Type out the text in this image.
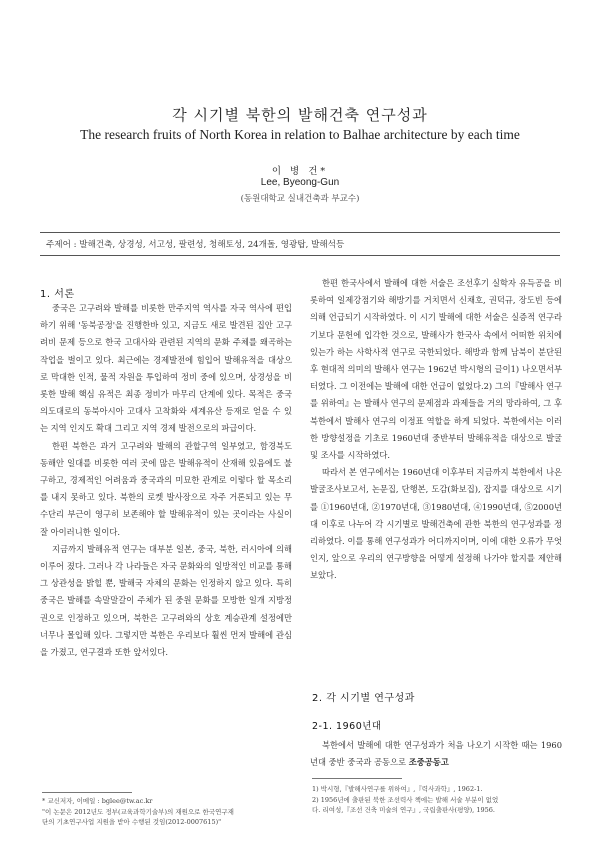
각 시기별 북한의 발해건축 연구성과
The research fruits of North Korea in relation to Balhae architecture by each time
이 병 건*
Lee, Byeong-Gun
(동원대학교 실내건축과 부교수)
주제어 : 발해건축, 상경성, 서고성, 팔련성, 청해토성, 24개돌, 영광탑, 발해석등
1. 서론

중국은 고구려와 발해를 비롯한 만주지역 역사를 자국 역사에 편입하기 위해 '동북공정'을 진행한바 있고, 지금도 새로 발견된 집안 고구려비 문제 등으로 한국 고대사와 관련된 지역의 문화 주체를 왜곡하는 작업을 벌이고 있다. 최근에는 경제발전에 힘입어 발해유적을 대상으로 막대한 인적, 물적 자원을 투입하여 정비 중에 있으며, 상경성을 비롯한 발해 핵심 유적은 최종 정비가 마무리 단계에 있다. 목적은 중국 의도대로의 동북아시아 고대사 고착화와 세계유산 등재로 얻을 수 있는 지역 인지도 확대 그리고 지역 경제 발전으로의 파급이다.

한편 북한은 과거 고구려와 발해의 관할구역 일부였고, 함경북도 동해안 일대를 비롯한 여러 곳에 많은 발해유적이 산재해 있음에도 불구하고, 경제적인 어려움과 중국과의 미묘한 관계로 이렇다 할 목소리를 내지 못하고 있다. 북한의 로켓 발사장으로 자주 거론되고 있는 무수단리 부근이 영구히 보존해야 할 발해유적이 있는 곳이라는 사실이 잘 아이러니한 일이다.

지금까지 발해유적 연구는 대부분 일본, 중국, 북한, 러시아에 의해 이루어 졌다. 그러나 각 나라들은 자국 문화와의 일방적인 비교를 통해 그 상관성을 밝힐 뿐, 발해국 자체의 문화는 인정하지 않고 있다. 특히 중국은 발해를 속말말갈이 주체가 된 중원 문화를 모방한 일개 지방정권으로 인정하고 있으며, 북한은 고구려와의 상호 계승관계 설정에만 너무나 몰입해 있다. 그렇지만 북한은 우리보다 훨씬 먼저 발해에 관심을 가졌고, 연구결과 또한 앞서있다.

* 교신저자, 이메일 : bglee@tw.ac.kr
"이 논문은 2012년도 정부(교육과학기술부)의 재원으로 한국연구재
단의 기초연구사업 지원을 받아 수행된 것임(2012-0007615)"

한편 한국사에서 발해에 대한 서술은 조선후기 실학자 유득공을 비롯하여 일제강점기와 해방기를 거치면서 신채호, 권덕규, 장도빈 등에 의해 언급되기 시작하였다. 이 시기 발해에 대한 서술은 실증적 연구라기보다 문헌에 입각한 것으로, 발해사가 한국사 속에서 어떠한 위치에 있는가 하는 사학사적 연구로 국한되었다. 해방과 함께 남북이 분단된 후 현대적 의미의 발해사 연구는 1962년 박시형의 글이1) 나오면서부터였다. 그 이전에는 발해에 대한 언급이 없었다.2) 그의『발해사 연구를 위하여』는 발해사 연구의 문제점과 과제들을 거의 망라하여, 그 후 북한에서 발해사 연구의 이정표 역할을 하게 되었다. 북한에서는 이러한 방향설정을 기초로 1960년대 중반부터 발해유적을 대상으로 발굴 및 조사를 시작하였다.

따라서 본 연구에서는 1960년대 이후부터 지금까지 북한에서 나온 발굴조사보고서, 논문집, 단행본, 도감(화보집), 잡지를 대상으로 시기를 ①1960년대, ②1970년대, ③1980년대, ④1990년대, ⑤2000년대 이후로 나누어 각 시기별로 발해건축에 관한 북한의 연구성과를 정리하였다. 이를 통해 연구성과가 어디까지이며, 이에 대한 오류가 무엇인지, 앞으로 우리의 연구방향을 어떻게 설정해 나가야 할지를 제안해 보았다.

2. 각 시기별 연구성과
2-1. 1960년대

북한에서 발해에 대한 연구성과가 처음 나오기 시작한 때는 1960년대 중반 중국과 공동으로 조중공동고

1) 박시형,『발해사연구를 위하여』,『력사과학』, 1962-1.
2) 1956년에 출판된 북한 조선력사 책에는 발해 서술 부분이 없었
다. 리여성,『조선 건축 미술의 연구』, 국립출판사(평양), 1956.
